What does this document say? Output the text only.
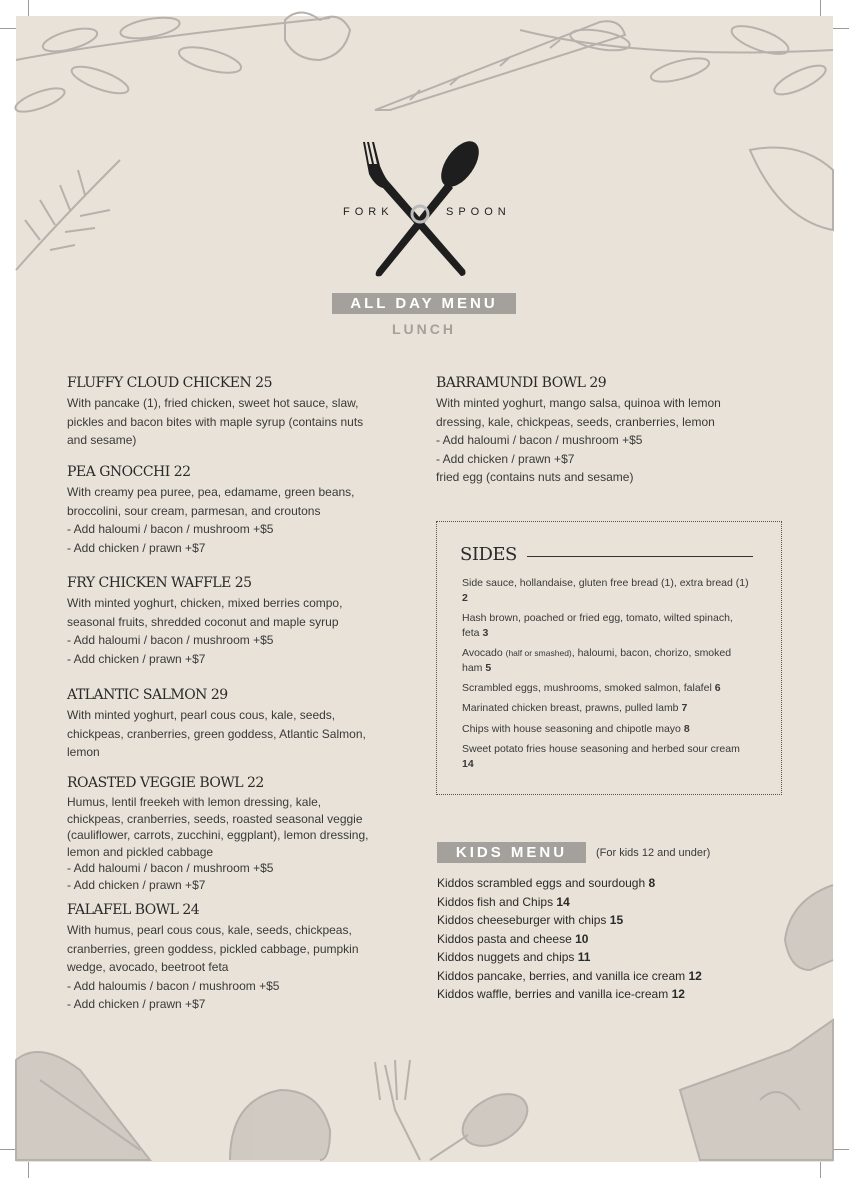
FORK	SPOON
ALL DAY MENU
LUNCH
FLUFFY CLOUD CHICKEN 25

With pancake (1), fried chicken, sweet hot sauce, slaw,
pickles and bacon bites with maple syrup (contains nuts
and sesame)

PEA GNOCCHI 22

With creamy pea puree, pea, edamame, green beans,
broccolini, sour cream, parmesan, and croutons
- Add haloumi / bacon / mushroom +$5
- Add chicken / prawn +$7

FRY CHICKEN WAFFLE 25

With minted yoghurt, chicken, mixed berries compo,
seasonal fruits, shredded coconut and maple syrup
- Add haloumi / bacon / mushroom +$5
- Add chicken / prawn +$7

ATLANTIC SALMON 29

With minted yoghurt, pearl cous cous, kale, seeds,
chickpeas, cranberries, green goddess, Atlantic Salmon,
lemon

ROASTED VEGGIE BOWL 22

Humus, lentil freekeh with lemon dressing, kale,
chickpeas, cranberries, seeds, roasted seasonal veggie
(cauliflower, carrots, zucchini, eggplant), lemon dressing,
lemon and pickled cabbage
- Add haloumi / bacon / mushroom +$5
- Add chicken / prawn +$7

FALAFEL BOWL 24

With humus, pearl cous cous, kale, seeds, chickpeas,
cranberries, green goddess, pickled cabbage, pumpkin
wedge, avocado, beetroot feta
- Add haloumis / bacon / mushroom +$5
- Add chicken / prawn +$7

BARRAMUNDI BOWL 29

With minted yoghurt, mango salsa, quinoa with lemon
dressing, kale, chickpeas, seeds, cranberries, lemon
- Add haloumi / bacon / mushroom +$5
- Add chicken / prawn +$7
fried egg (contains nuts and sesame)

SIDES
Side sauce, hollandaise, gluten free bread (1), extra bread (1) 2
Hash brown, poached or fried egg, tomato, wilted spinach, feta 3
Avocado (half or smashed), haloumi, bacon, chorizo, smoked ham 5
Scrambled eggs, mushrooms, smoked salmon, falafel 6
Marinated chicken breast, prawns, pulled lamb 7
Chips with house seasoning and chipotle mayo 8
Sweet potato fries house seasoning and herbed sour cream 14
KIDS MENU	(For kids 12 and under)
Kiddos scrambled eggs and sourdough 8
Kiddos fish and Chips 14
Kiddos cheeseburger with chips 15
Kiddos pasta and cheese 10
Kiddos nuggets and chips 11
Kiddos pancake, berries, and vanilla ice cream 12
Kiddos waffle, berries and vanilla ice-cream 12
